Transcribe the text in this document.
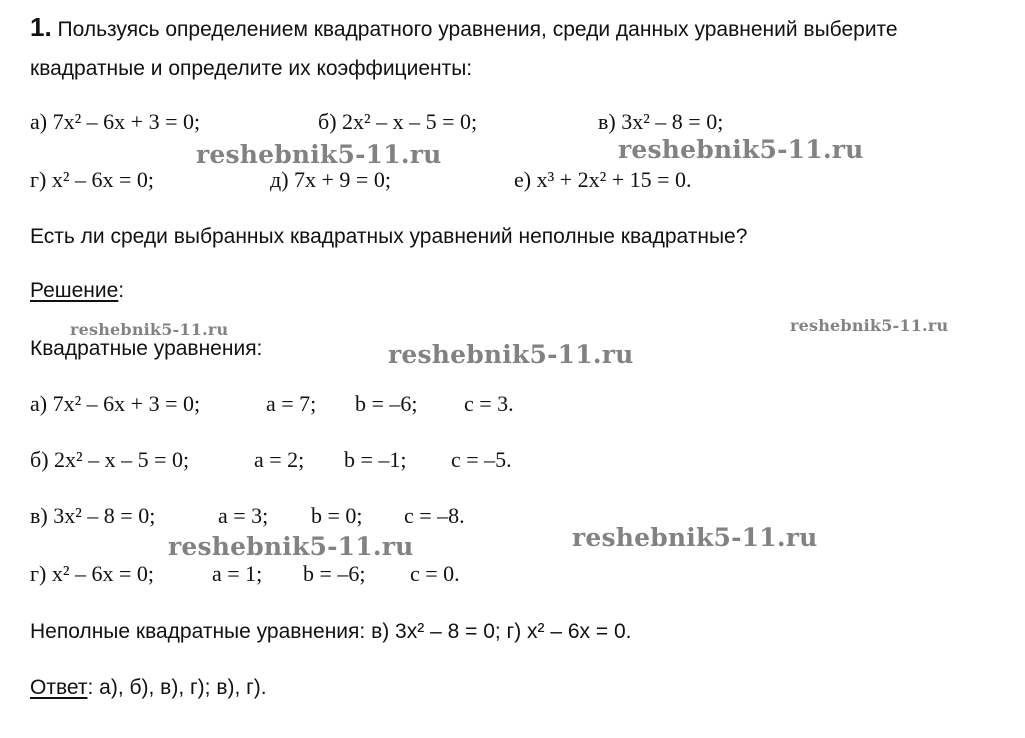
1. Пользуясь определением квадратного уравнения, среди данных уравнений выберите
квадратные и определите их коэффициенты:
а) 7x² – 6x + 3 = 0;	б) 2x² – x – 5 = 0;	в) 3x² – 8 = 0;
г) x² – 6x = 0;	д) 7x + 9 = 0;	е) x³ + 2x² + 15 = 0.
Есть ли среди выбранных квадратных уравнений неполные квадратные?
Решение:
Квадратные уравнения:
а) 7x² – 6x + 3 = 0;	a = 7; b = –6; c = 3.
б) 2x² – x – 5 = 0;	a = 2; b = –1; c = –5.
в) 3x² – 8 = 0;	a = 3; b = 0; c = –8.
г) x² – 6x = 0;	a = 1; b = –6; c = 0.
Неполные квадратные уравнения: в) 3x² – 8 = 0; г) x² – 6x = 0.
Ответ: а), б), в), г); в), г).
reshebnik5-11.ru	reshebnik5-11.ru
reshebnik5-11.ru	reshebnik5-11.ru
reshebnik5-11.ru
reshebnik5-11.ru
reshebnik5-11.ru
